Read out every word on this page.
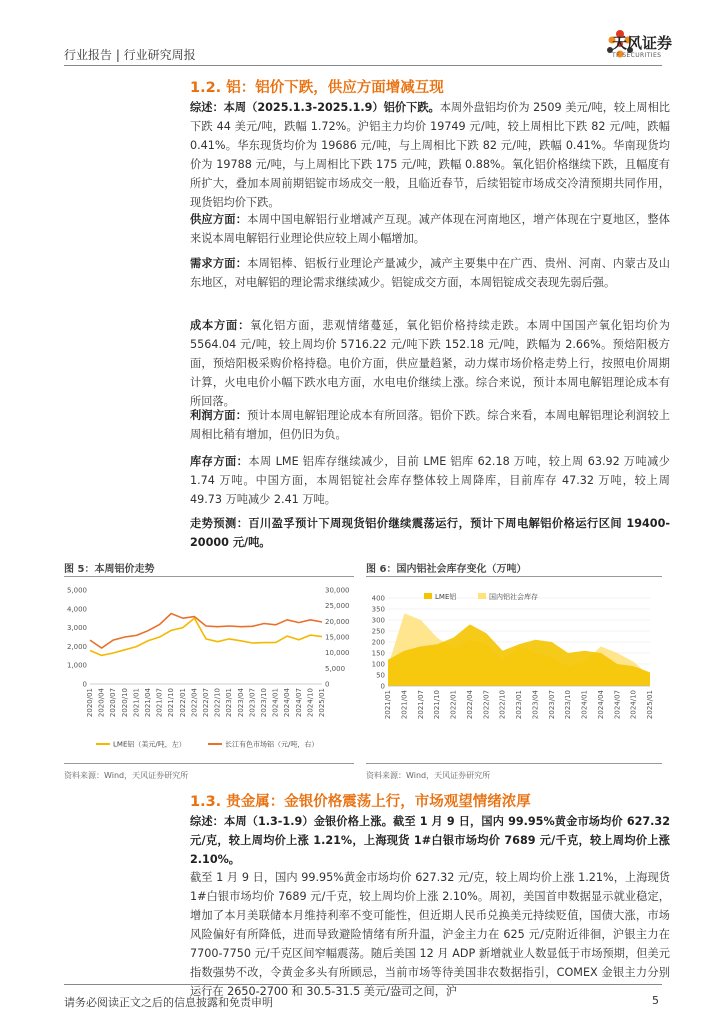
行业报告 | 行业研究周报
天风证券
TF SECURITIES
1.2. 铝：铝价下跌，供应方面增减互现
综述：本周（2025.1.3-2025.1.9）铝价下跌。本周外盘铝均价为 2509 美元/吨，较上周相比下跌 44 美元/吨，跌幅 1.72%。沪铝主力均价 19749 元/吨，较上周相比下跌 82 元/吨，跌幅 0.41%。华东现货均价为 19686 元/吨，与上周相比下跌 82 元/吨，跌幅 0.41%。华南现货均价为 19788 元/吨，与上周相比下跌 175 元/吨，跌幅 0.88%。氧化铝价格继续下跌，且幅度有所扩大，叠加本周前期铝锭市场成交一般，且临近春节，后续铝锭市场成交冷清预期共同作用，现货铝均价下跌。
供应方面：本周中国电解铝行业增减产互现。减产体现在河南地区，增产体现在宁夏地区，整体来说本周电解铝行业理论供应较上周小幅增加。
需求方面：本周铝棒、铝板行业理论产量减少，减产主要集中在广西、贵州、河南、内蒙古及山东地区，对电解铝的理论需求继续减少。铝锭成交方面，本周铝锭成交表现先弱后强。
成本方面：氧化铝方面，悲观情绪蔓延，氧化铝价格持续走跌。本周中国国产氧化铝均价为 5564.04 元/吨，较上周均价 5716.22 元/吨下跌 152.18 元/吨，跌幅为 2.66%。预焙阳极方面，预焙阳极采购价格持稳。电价方面，供应量趋紧，动力煤市场价格走势上行，按照电价周期计算，火电电价小幅下跌水电方面，水电电价继续上涨。综合来说，预计本周电解铝理论成本有所回落。
利润方面：预计本周电解铝理论成本有所回落。铝价下跌。综合来看，本周电解铝理论利润较上周相比稍有增加，但仍旧为负。
库存方面：本周 LME 铝库存继续减少，目前 LME 铝库 62.18 万吨，较上周 63.92 万吨减少 1.74 万吨。中国方面，本周铝锭社会库存整体较上周降库，目前库存 47.32 万吨，较上周 49.73 万吨减少 2.41 万吨。
走势预测：百川盈孚预计下周现货铝价继续震荡运行，预计下周电解铝价格运行区间 19400-20000 元/吨。
图 5：本周铝价走势
0
1,000
2,000
3,000
4,000
5,000
0
5,000
10,000
15,000
20,000
25,000
30,000
2020/01 2020/04 2020/07 2020/10 2021/01 2021/04 2021/07 2021/10 2022/01 2022/04 2022/07 2022/10 2023/01 2023/04 2023/07 2023/10 2024/01 2024/04 2024/07 2024/10 2025/01
LME铝（美元/吨，左）	长江有色市场铝（元/吨，右）
资料来源：Wind，天风证券研究所
图 6：国内铝社会库存变化（万吨）
0
50
100
150
200
250
300
350
400
2021/01 2021/04 2021/07 2021/10 2022/01 2022/04 2022/07 2022/10 2023/01 2023/04 2023/07 2023/10 2024/01 2024/04 2024/07 2024/10 2025/01
LME铝	国内铝社会库存
资料来源：Wind，天风证券研究所
1.3. 贵金属：金银价格震荡上行，市场观望情绪浓厚
综述：本周（1.3-1.9）金银价格上涨。截至 1 月 9 日，国内 99.95%黄金市场均价 627.32 元/克，较上周均价上涨 1.21%，上海现货 1#白银市场均价 7689 元/千克，较上周均价上涨 2.10%。
截至 1 月 9 日，国内 99.95%黄金市场均价 627.32 元/克，较上周均价上涨 1.21%，上海现货 1#白银市场均价 7689 元/千克，较上周均价上涨 2.10%。周初，美国首申数据显示就业稳定，增加了本月美联储本月维持利率不变可能性，但近期人民币兑换美元持续贬值，国债大涨，市场风险偏好有所降低，进而导致避险情绪有所升温，沪金主力在 625 元/克附近徘徊，沪银主力在 7700-7750 元/千克区间窄幅震荡。随后美国 12 月 ADP 新增就业人数显低于市场预期，但美元指数强势不改，令黄金多头有所顾忌，当前市场等待美国非农数据指引，COMEX 金银主力分别运行在 2650-2700 和 30.5-31.5 美元/盎司之间，沪
请务必阅读正文之后的信息披露和免责申明	5
